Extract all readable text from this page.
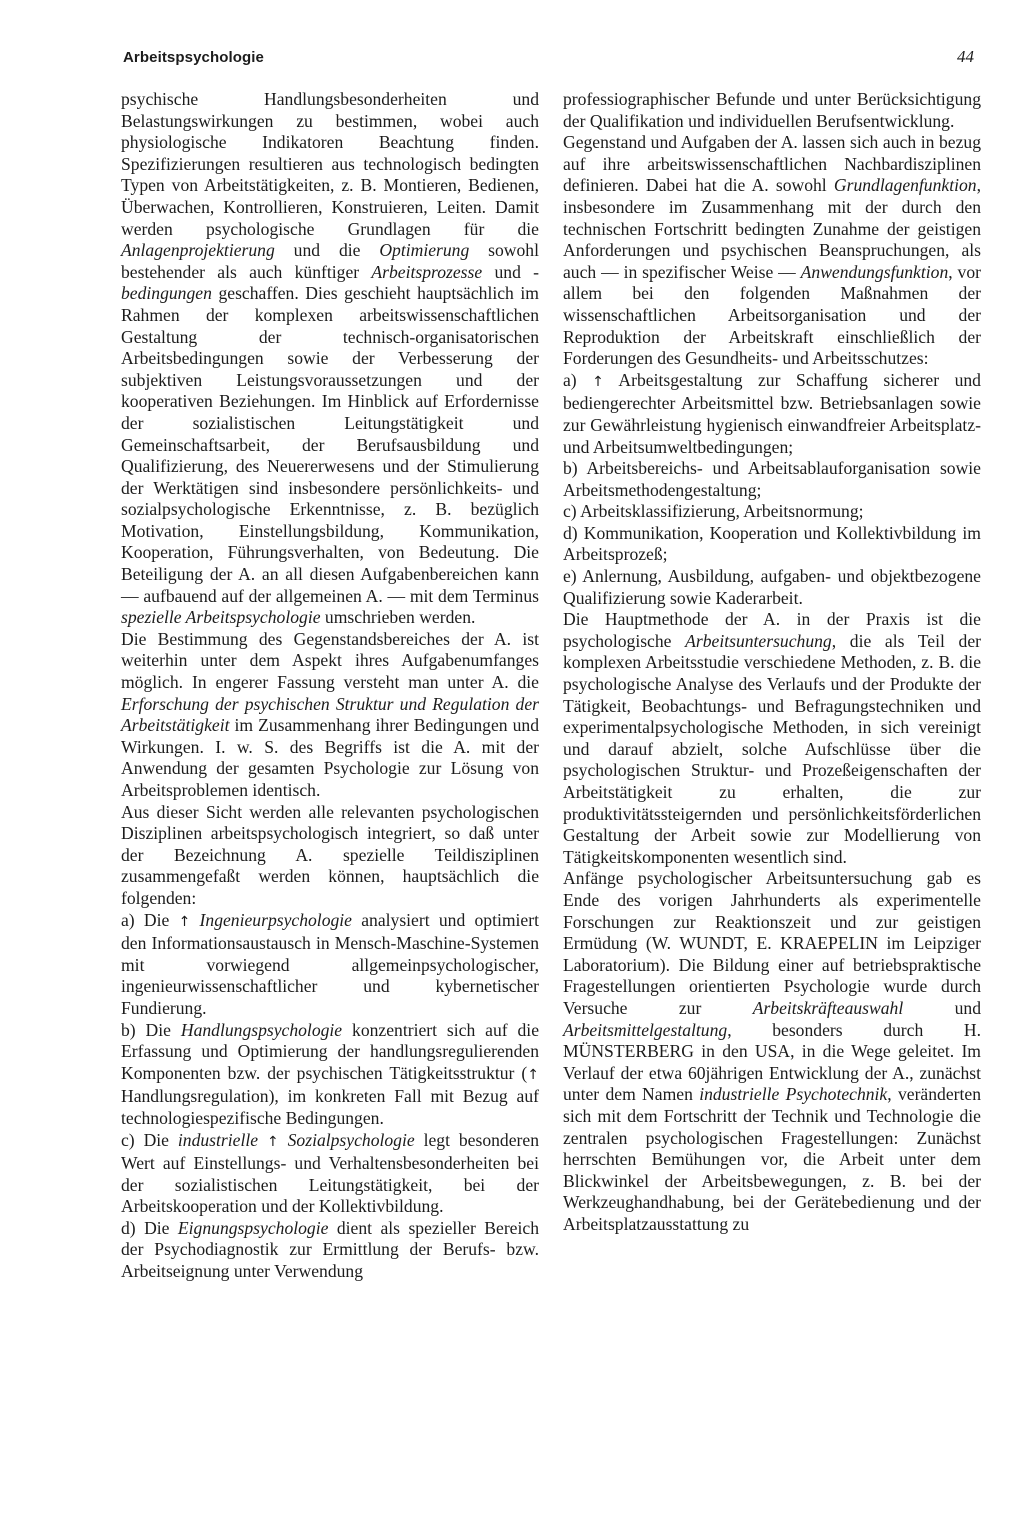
Arbeitspsychologie	44

psychische Handlungsbesonderheiten und Belastungswirkungen zu bestimmen, wobei auch physiologische Indikatoren Beachtung finden. Spezifizierungen resultieren aus technologisch bedingten Typen von Arbeitstätigkeiten, z. B. Montieren, Bedienen, Überwachen, Kontrollieren, Konstruieren, Leiten. Damit werden psychologische Grundlagen für die Anlagenprojektierung und die Optimierung sowohl bestehender als auch künftiger Arbeitsprozesse und -bedingungen geschaffen. Dies geschieht hauptsächlich im Rahmen der komplexen arbeitswissenschaftlichen Gestaltung der technisch-organisatorischen Arbeitsbedingungen sowie der Verbesserung der subjektiven Leistungsvoraussetzungen und der kooperativen Beziehungen. Im Hinblick auf Erfordernisse der sozialistischen Leitungstätigkeit und Gemeinschaftsarbeit, der Berufsausbildung und Qualifizierung, des Neuererwesens und der Stimulierung der Werktätigen sind insbesondere persönlichkeits- und sozialpsychologische Erkenntnisse, z. B. bezüglich Motivation, Einstellungsbildung, Kommunikation, Kooperation, Führungsverhalten, von Bedeutung. Die Beteiligung der A. an all diesen Aufgabenbereichen kann — aufbauend auf der allgemeinen A. — mit dem Terminus spezielle Arbeitspsychologie umschrieben werden.

Die Bestimmung des Gegenstandsbereiches der A. ist weiterhin unter dem Aspekt ihres Aufgabenumfanges möglich. In engerer Fassung versteht man unter A. die Erforschung der psychischen Struktur und Regulation der Arbeitstätigkeit im Zusammenhang ihrer Bedingungen und Wirkungen. I. w. S. des Begriffs ist die A. mit der Anwendung der gesamten Psychologie zur Lösung von Arbeitsproblemen identisch.

Aus dieser Sicht werden alle relevanten psychologischen Disziplinen arbeitspsychologisch integriert, so daß unter der Bezeichnung A. spezielle Teildisziplinen zusammengefaßt werden können, hauptsächlich die folgenden:

a) Die ↑ Ingenieurpsychologie analysiert und optimiert den Informationsaustausch in Mensch-Maschine-Systemen mit vorwiegend allgemeinpsychologischer, ingenieurwissenschaftlicher und kybernetischer Fundierung.

b) Die Handlungspsychologie konzentriert sich auf die Erfassung und Optimierung der handlungsregulierenden Komponenten bzw. der psychischen Tätigkeitsstruktur (↑ Handlungsregulation), im konkreten Fall mit Bezug auf technologiespezifische Bedingungen.

c) Die industrielle ↑ Sozialpsychologie legt besonderen Wert auf Einstellungs- und Verhaltensbesonderheiten bei der sozialistischen Leitungstätigkeit, bei der Arbeitskooperation und der Kollektivbildung.

d) Die Eignungspsychologie dient als spezieller Bereich der Psychodiagnostik zur Ermittlung der Berufs- bzw. Arbeitseignung unter Verwendung

professiographischer Befunde und unter Berücksichtigung der Qualifikation und individuellen Berufsentwicklung.

Gegenstand und Aufgaben der A. lassen sich auch in bezug auf ihre arbeitswissenschaftlichen Nachbardisziplinen definieren. Dabei hat die A. sowohl Grundlagenfunktion, insbesondere im Zusammenhang mit der durch den technischen Fortschritt bedingten Zunahme der geistigen Anforderungen und psychischen Beanspruchungen, als auch — in spezifischer Weise — Anwendungsfunktion, vor allem bei den folgenden Maßnahmen der wissenschaftlichen Arbeitsorganisation und der Reproduktion der Arbeitskraft einschließlich der Forderungen des Gesundheits- und Arbeitsschutzes:

a) ↑ Arbeitsgestaltung zur Schaffung sicherer und bediengerechter Arbeitsmittel bzw. Betriebsanlagen sowie zur Gewährleistung hygienisch einwandfreier Arbeitsplatz- und Arbeitsumweltbedingungen;

b) Arbeitsbereichs- und Arbeitsablauforganisation sowie Arbeitsmethodengestaltung;

c) Arbeitsklassifizierung, Arbeitsnormung;

d) Kommunikation, Kooperation und Kollektivbildung im Arbeitsprozeß;

e) Anlernung, Ausbildung, aufgaben- und objektbezogene Qualifizierung sowie Kaderarbeit.

Die Hauptmethode der A. in der Praxis ist die psychologische Arbeitsuntersuchung, die als Teil der komplexen Arbeitsstudie verschiedene Methoden, z. B. die psychologische Analyse des Verlaufs und der Produkte der Tätigkeit, Beobachtungs- und Befragungstechniken und experimentalpsychologische Methoden, in sich vereinigt und darauf abzielt, solche Aufschlüsse über die psychologischen Struktur- und Prozeßeigenschaften der Arbeitstätigkeit zu erhalten, die zur produktivitätssteigernden und persönlichkeitsförderlichen Gestaltung der Arbeit sowie zur Modellierung von Tätigkeitskomponenten wesentlich sind.

Anfänge psychologischer Arbeitsuntersuchung gab es Ende des vorigen Jahrhunderts als experimentelle Forschungen zur Reaktionszeit und zur geistigen Ermüdung (W. WUNDT, E. KRAEPELIN im Leipziger Laboratorium). Die Bildung einer auf betriebspraktische Fragestellungen orientierten Psychologie wurde durch Versuche zur Arbeitskräfteauswahl und Arbeitsmittelgestaltung, besonders durch H. MÜNSTERBERG in den USA, in die Wege geleitet. Im Verlauf der etwa 60jährigen Entwicklung der A., zunächst unter dem Namen industrielle Psychotechnik, veränderten sich mit dem Fortschritt der Technik und Technologie die zentralen psychologischen Fragestellungen: Zunächst herrschten Bemühungen vor, die Arbeit unter dem Blickwinkel der Arbeitsbewegungen, z. B. bei der Werkzeughandhabung, bei der Gerätebedienung und der Arbeitsplatzausstattung zu
